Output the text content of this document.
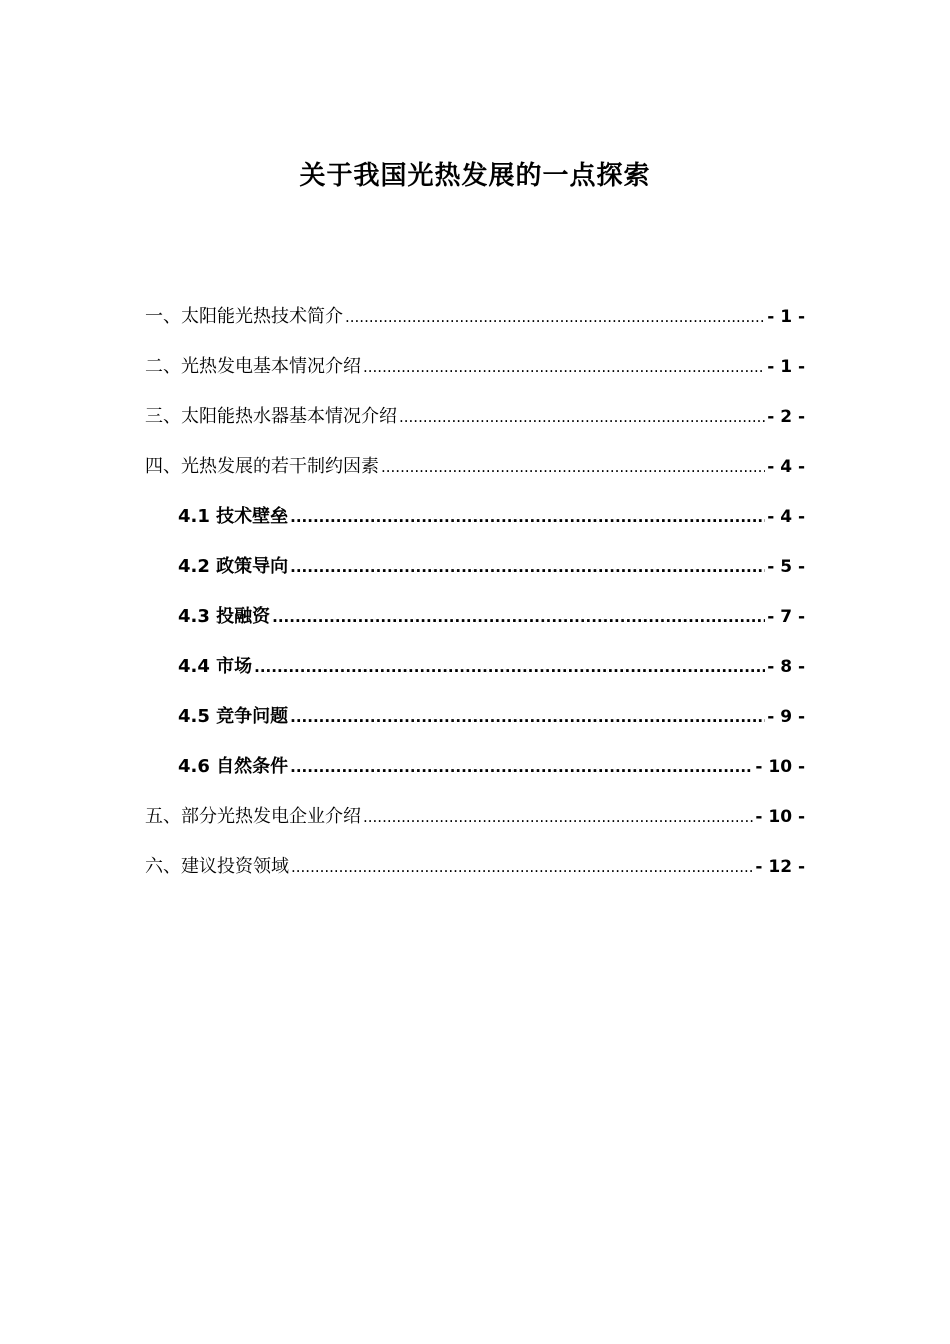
关于我国光热发展的一点探索
一、太阳能光热技术简介 .....	- 1 -
二、光热发电基本情况介绍 .....	- 1 -
三、太阳能热水器基本情况介绍 .....	- 2 -
四、光热发展的若干制约因素 .....	- 4 -
4.1 技术壁垒 .....	- 4 -
4.2 政策导向 .....	- 5 -
4.3 投融资 .....	- 7 -
4.4 市场 .....	- 8 -
4.5 竞争问题 .....	- 9 -
4.6 自然条件 .....	- 10 -
五、部分光热发电企业介绍 .....	- 10 -
六、建议投资领域 .....	- 12 -
